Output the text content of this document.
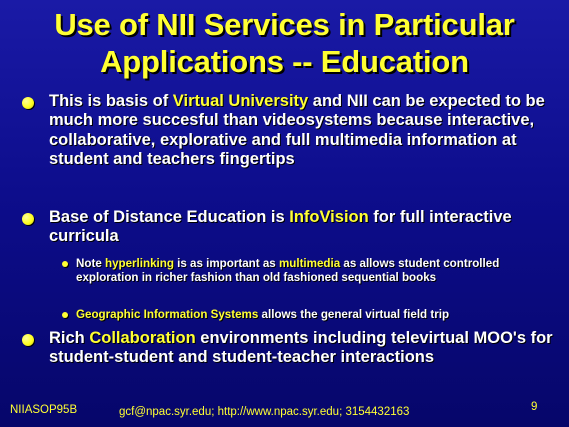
Use of NII Services in Particular
Applications -- Education
This is basis of Virtual University and NII can be expected to be much more succesful than videosystems because interactive, collaborative, explorative and full multimedia information at student and teachers fingertips
Base of Distance Education is InfoVision for full interactive curricula
Note hyperlinking is as important as multimedia as allows student controlled exploration in richer fashion than old fashioned sequential books
Geographic Information Systems allows the general virtual field trip
Rich Collaboration environments including televirtual MOO's for student-student and student-teacher interactions
NIIASOP95B	gcf@npac.syr.edu; http://www.npac.syr.edu; 3154432163	9
